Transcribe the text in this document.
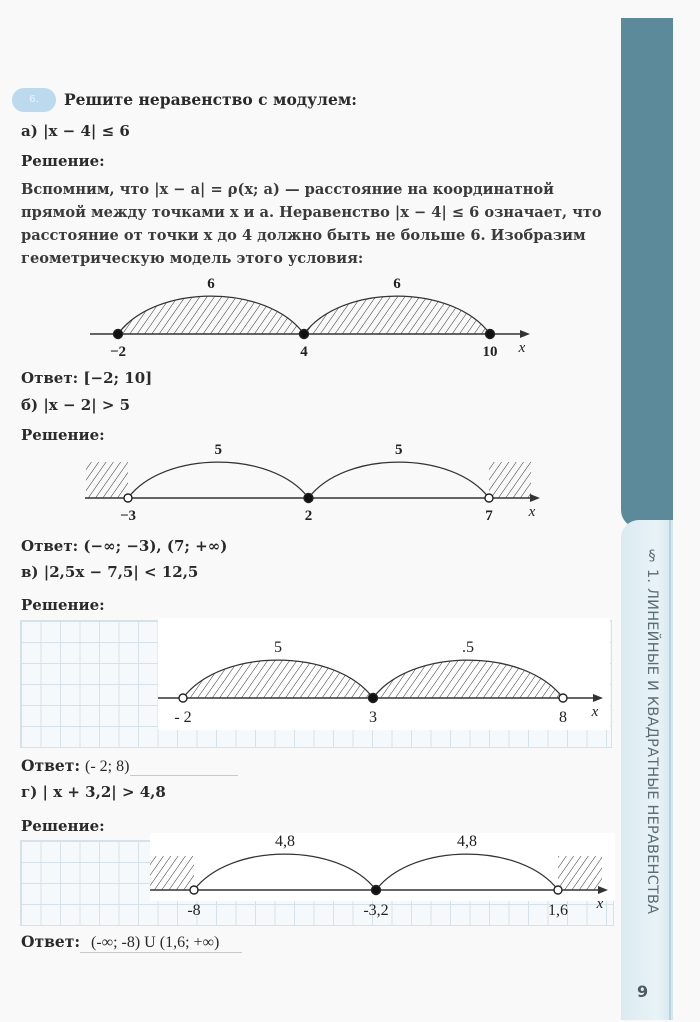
§ 1. ЛИНЕЙНЫЕ И КВАДРАТНЫЕ НЕРАВЕНСТВА
9
6.	Решите неравенство с модулем:
а) |x − 4| ≤ 6
Решение:
Вспомним, что |x − a| = ρ(x; a) — расстояние на координатной прямой между точками x и a. Неравенство |x − 4| ≤ 6 означает, что расстояние от точки x до 4 должно быть не больше 6. Изобразим геометрическую модель этого условия:
6	6
x
−2	4	10
Ответ: [−2; 10]
б) |x − 2| > 5
Решение:
5	5
x
−3	2	7
Ответ: (−∞; −3), (7; +∞)
в) |2,5x − 7,5| < 12,5
Решение:
5	.5
x
- 2	3	8
Ответ: (- 2; 8)
г) | x + 3,2| > 4,8
Решение:
4,8	4,8
x
-8	-3,2	1,6
Ответ: (-∞; -8) U (1,6; +∞)
